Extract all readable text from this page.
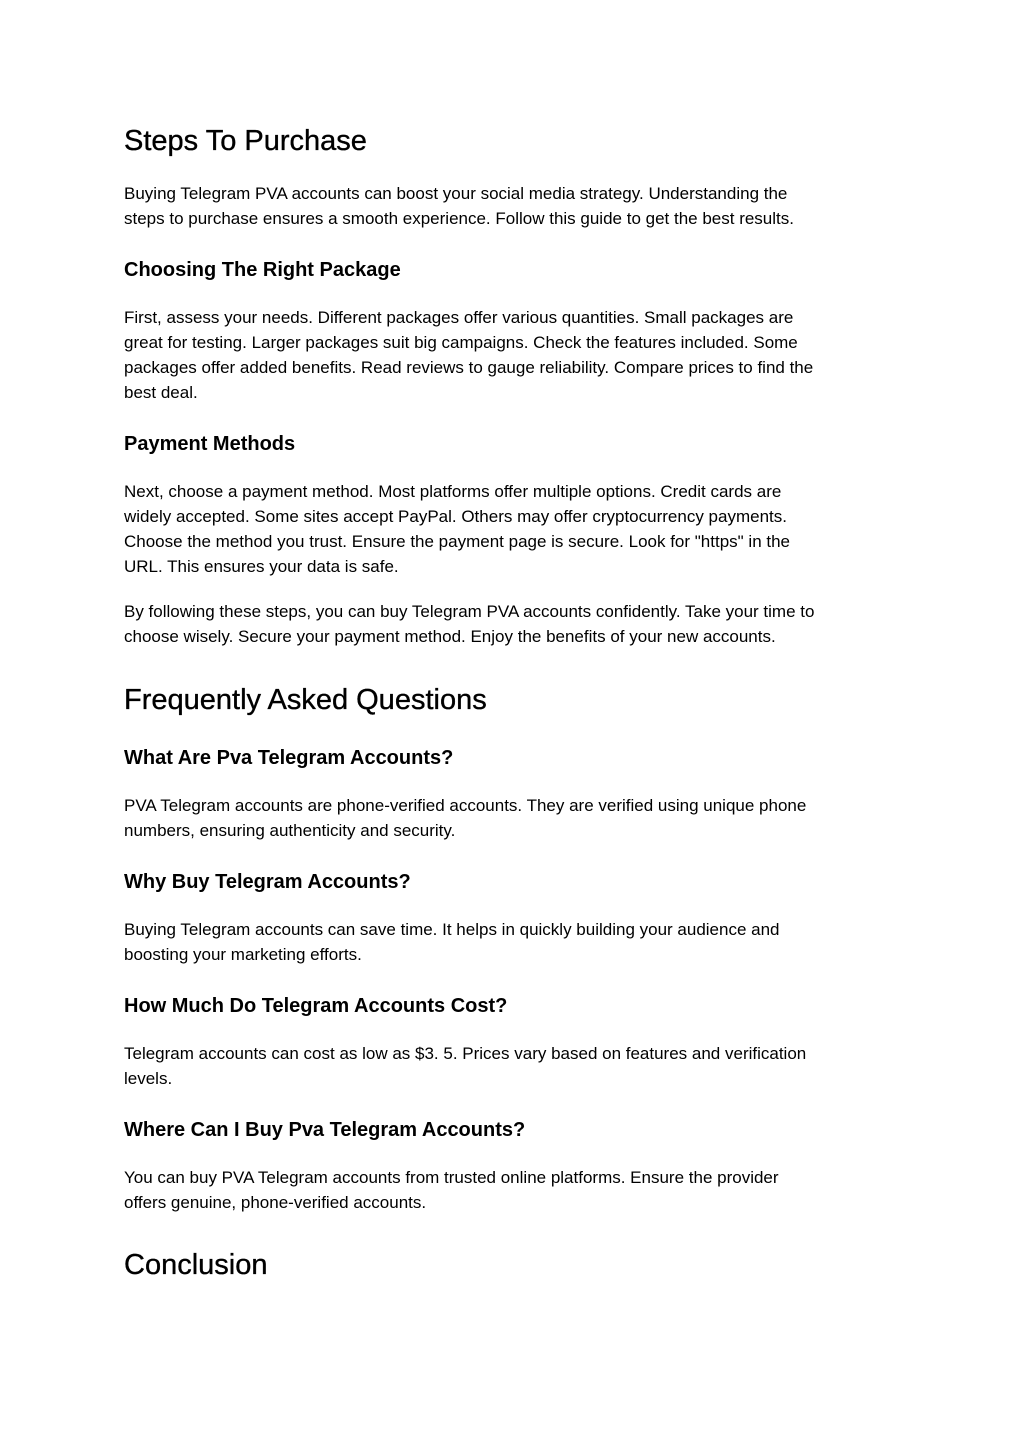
Steps To Purchase

Buying Telegram PVA accounts can boost your social media strategy. Understanding the
steps to purchase ensures a smooth experience. Follow this guide to get the best results.

Choosing The Right Package

First, assess your needs. Different packages offer various quantities. Small packages are
great for testing. Larger packages suit big campaigns. Check the features included. Some
packages offer added benefits. Read reviews to gauge reliability. Compare prices to find the
best deal.

Payment Methods

Next, choose a payment method. Most platforms offer multiple options. Credit cards are
widely accepted. Some sites accept PayPal. Others may offer cryptocurrency payments.
Choose the method you trust. Ensure the payment page is secure. Look for "https" in the
URL. This ensures your data is safe.

By following these steps, you can buy Telegram PVA accounts confidently. Take your time to
choose wisely. Secure your payment method. Enjoy the benefits of your new accounts.

Frequently Asked Questions
What Are Pva Telegram Accounts?

PVA Telegram accounts are phone-verified accounts. They are verified using unique phone
numbers, ensuring authenticity and security.

Why Buy Telegram Accounts?

Buying Telegram accounts can save time. It helps in quickly building your audience and
boosting your marketing efforts.

How Much Do Telegram Accounts Cost?

Telegram accounts can cost as low as $3. 5. Prices vary based on features and verification
levels.

Where Can I Buy Pva Telegram Accounts?

You can buy PVA Telegram accounts from trusted online platforms. Ensure the provider
offers genuine, phone-verified accounts.

Conclusion
